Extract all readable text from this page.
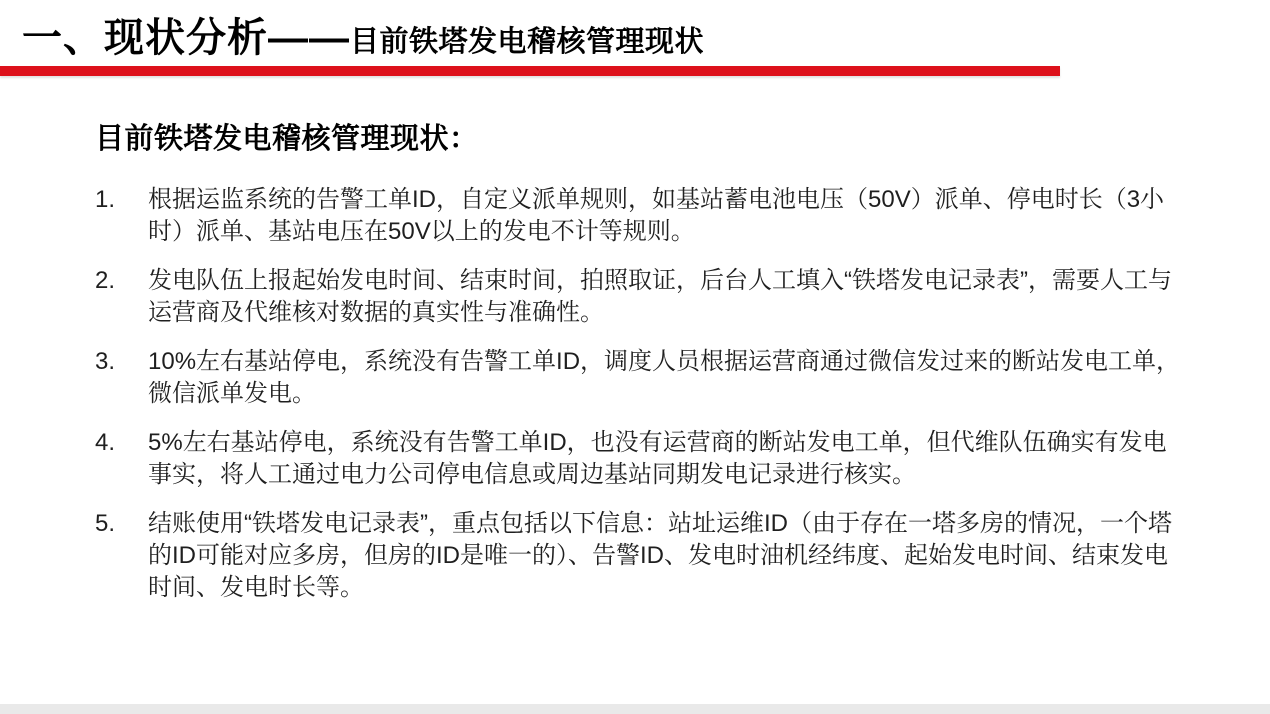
一、现状分析—— 目前铁塔发电稽核管理现状
目前铁塔发电稽核管理现状：
1.	根据运监系统的告警工单ID，自定义派单规则，如基站蓄电池电压（50V）派单、停电时长（3小时）派单、基站电压在50V以上的发电不计等规则。
2.	发电队伍上报起始发电时间、结束时间，拍照取证，后台人工填入“铁塔发电记录表”，需要人工与运营商及代维核对数据的真实性与准确性。
3.	10%左右基站停电，系统没有告警工单ID，调度人员根据运营商通过微信发过来的断站发电工单，微信派单发电。
4.	5%左右基站停电，系统没有告警工单ID，也没有运营商的断站发电工单，但代维队伍确实有发电事实，将人工通过电力公司停电信息或周边基站同期发电记录进行核实。
5.	结账使用“铁塔发电记录表”，重点包括以下信息：站址运维ID（由于存在一塔多房的情况，一个塔的ID可能对应多房，但房的ID是唯一的）、告警ID、发电时油机经纬度、起始发电时间、结束发电时间、发电时长等。
